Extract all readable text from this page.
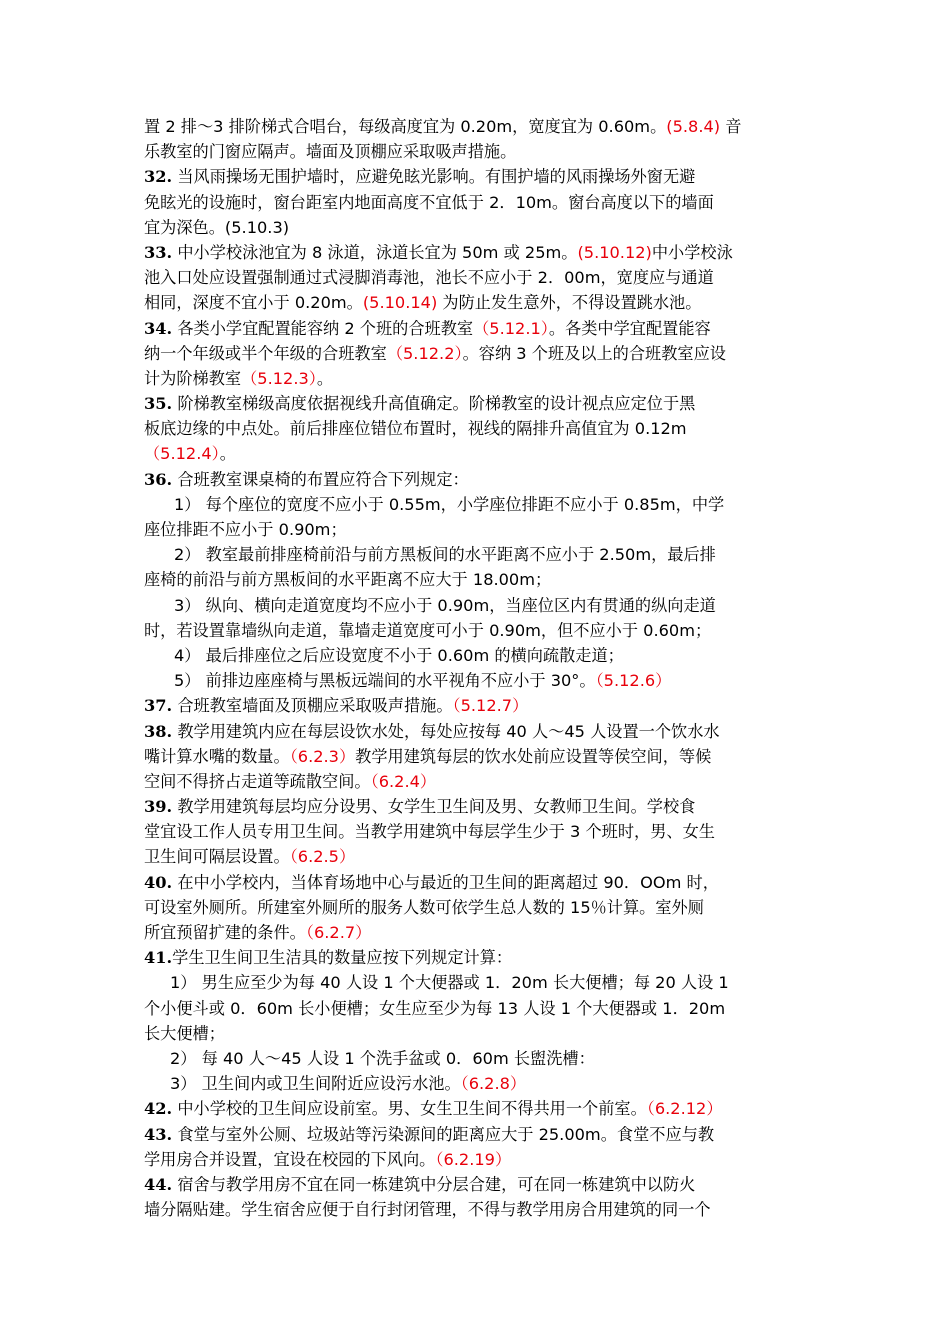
置 2 排～3 排阶梯式合唱台，每级高度宜为 0.20m，宽度宜为 0.60m。(5.8.4) 音
乐教室的门窗应隔声。墙面及顶棚应采取吸声措施。
32. 当风雨操场无围护墙时，应避免眩光影响。有围护墙的风雨操场外窗无避
免眩光的设施时，窗台距室内地面高度不宜低于 2．10m。窗台高度以下的墙面
宜为深色。(5.10.3)
33. 中小学校泳池宜为 8 泳道，泳道长宜为 50m 或 25m。(5.10.12)中小学校泳
池入口处应设置强制通过式浸脚消毒池，池长不应小于 2．00m，宽度应与通道
相同，深度不宜小于 0.20m。(5.10.14) 为防止发生意外，不得设置跳水池。
34. 各类小学宜配置能容纳 2 个班的合班教室（5.12.1）。各类中学宜配置能容
纳一个年级或半个年级的合班教室（5.12.2）。容纳 3 个班及以上的合班教室应设
计为阶梯教室（5.12.3）。
35. 阶梯教室梯级高度依据视线升高值确定。阶梯教室的设计视点应定位于黑
板底边缘的中点处。前后排座位错位布置时，视线的隔排升高值宜为 0.12m
（5.12.4）。
36. 合班教室课桌椅的布置应符合下列规定：
1） 每个座位的宽度不应小于 0.55m，小学座位排距不应小于 0.85m，中学
座位排距不应小于 0.90m；
2） 教室最前排座椅前沿与前方黑板间的水平距离不应小于 2.50m，最后排
座椅的前沿与前方黑板间的水平距离不应大于 18.00m；
3） 纵向、横向走道宽度均不应小于 0.90m，当座位区内有贯通的纵向走道
时，若设置靠墙纵向走道，靠墙走道宽度可小于 0.90m，但不应小于 0.60m；
4） 最后排座位之后应设宽度不小于 0.60m 的横向疏散走道；
5） 前排边座座椅与黑板远端间的水平视角不应小于 30°。（5.12.6）
37. 合班教室墙面及顶棚应采取吸声措施。（5.12.7）
38. 教学用建筑内应在每层设饮水处，每处应按每 40 人～45 人设置一个饮水水
嘴计算水嘴的数量。（6.2.3）教学用建筑每层的饮水处前应设置等侯空间，等候
空间不得挤占走道等疏散空间。（6.2.4）
39. 教学用建筑每层均应分设男、女学生卫生间及男、女教师卫生间。学校食
堂宜设工作人员专用卫生间。当教学用建筑中每层学生少于 3 个班时，男、女生
卫生间可隔层设置。（6.2.5）
40. 在中小学校内，当体育场地中心与最近的卫生间的距离超过 90．OOm 时，
可设室外厕所。所建室外厕所的服务人数可依学生总人数的 15％计算。室外厕
所宜预留扩建的条件。（6.2.7）
41.学生卫生间卫生洁具的数量应按下列规定计算：
1） 男生应至少为每 40 人设 1 个大便器或 1．20m 长大便槽；每 20 人设 1
个小便斗或 0．60m 长小便槽；女生应至少为每 13 人设 1 个大便器或 1．20m
长大便槽；
2） 每 40 人～45 人设 1 个洗手盆或 0．60m 长盥洗槽：
3） 卫生间内或卫生间附近应设污水池。（6.2.8）
42. 中小学校的卫生间应设前室。男、女生卫生间不得共用一个前室。（6.2.12）
43. 食堂与室外公厕、垃圾站等污染源间的距离应大于 25.00m。食堂不应与教
学用房合并设置，宜设在校园的下风向。（6.2.19）
44. 宿舍与教学用房不宜在同一栋建筑中分层合建，可在同一栋建筑中以防火
墙分隔贴建。学生宿舍应便于自行封闭管理，不得与教学用房合用建筑的同一个
